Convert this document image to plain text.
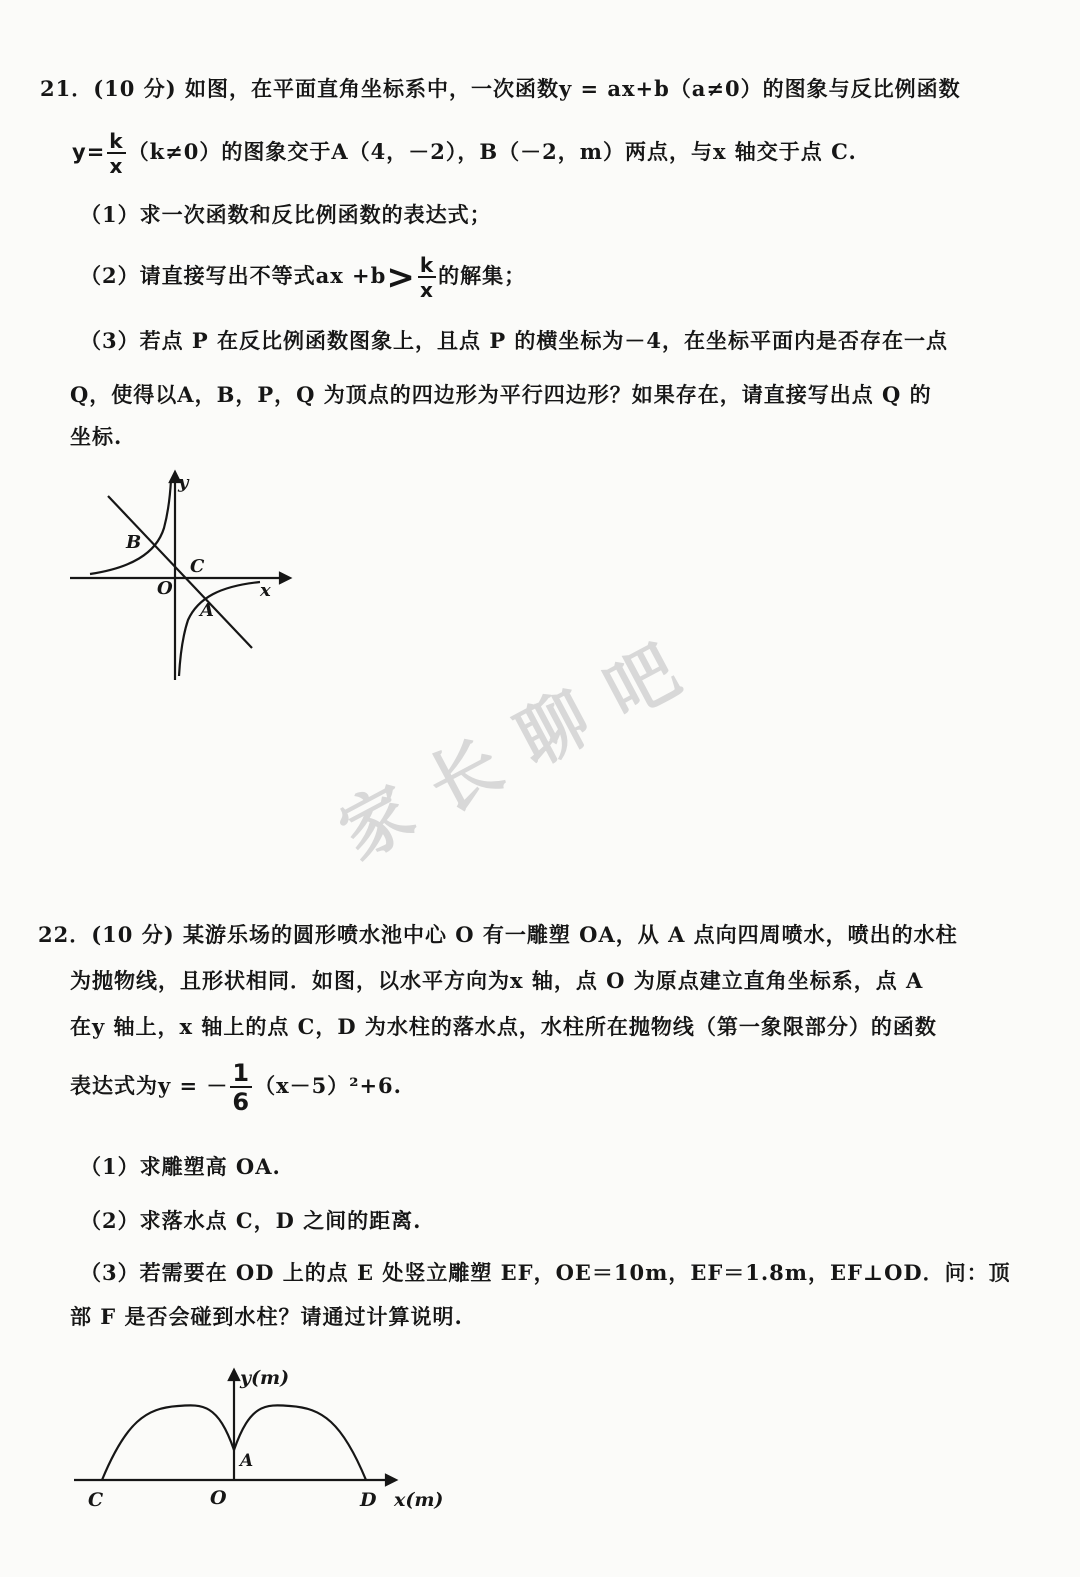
家长聊吧
21．(10 分) 如图，在平面直角坐标系中，一次函数y = ax+b（a≠0）的图象与反比例函数
$y= \frac{k}{x} (k\ne 0)$的图象交于A（4，－2），B（－2，m）两点，与x 轴交于点 C.
（1）求一次函数和反比例函数的表达式；
（2）请直接写出不等式ax $+b> \frac{k}{x}$ 的解集；
（3）若点 P 在反比例函数图象上，且点 P 的横坐标为－4，在坐标平面内是否存在一点
Q，使得以A，B，P，Q 为顶点的四边形为平行四边形？如果存在，请直接写出点 Q 的
坐标.
y
x
O
B
C
A
22．(10 分) 某游乐场的圆形喷水池中心 O 有一雕塑 OA，从 A 点向四周喷水，喷出的水柱
为抛物线，且形状相同．如图，以水平方向为x 轴，点 O 为原点建立直角坐标系，点 A
在y 轴上，x 轴上的点 C，D 为水柱的落水点，水柱所在抛物线（第一象限部分）的函数
表达式为y = － $\frac{1}{6} (x-5)^2+6$.
（1）求雕塑高 OA.
（2）求落水点 C，D 之间的距离.
（3）若需要在 OD 上的点 E 处竖立雕塑 EF，OE＝10m，EF＝1.8m，EF⊥OD．问：顶
部 F 是否会碰到水柱？请通过计算说明.
y(m)
x(m)
O
A
C	D
